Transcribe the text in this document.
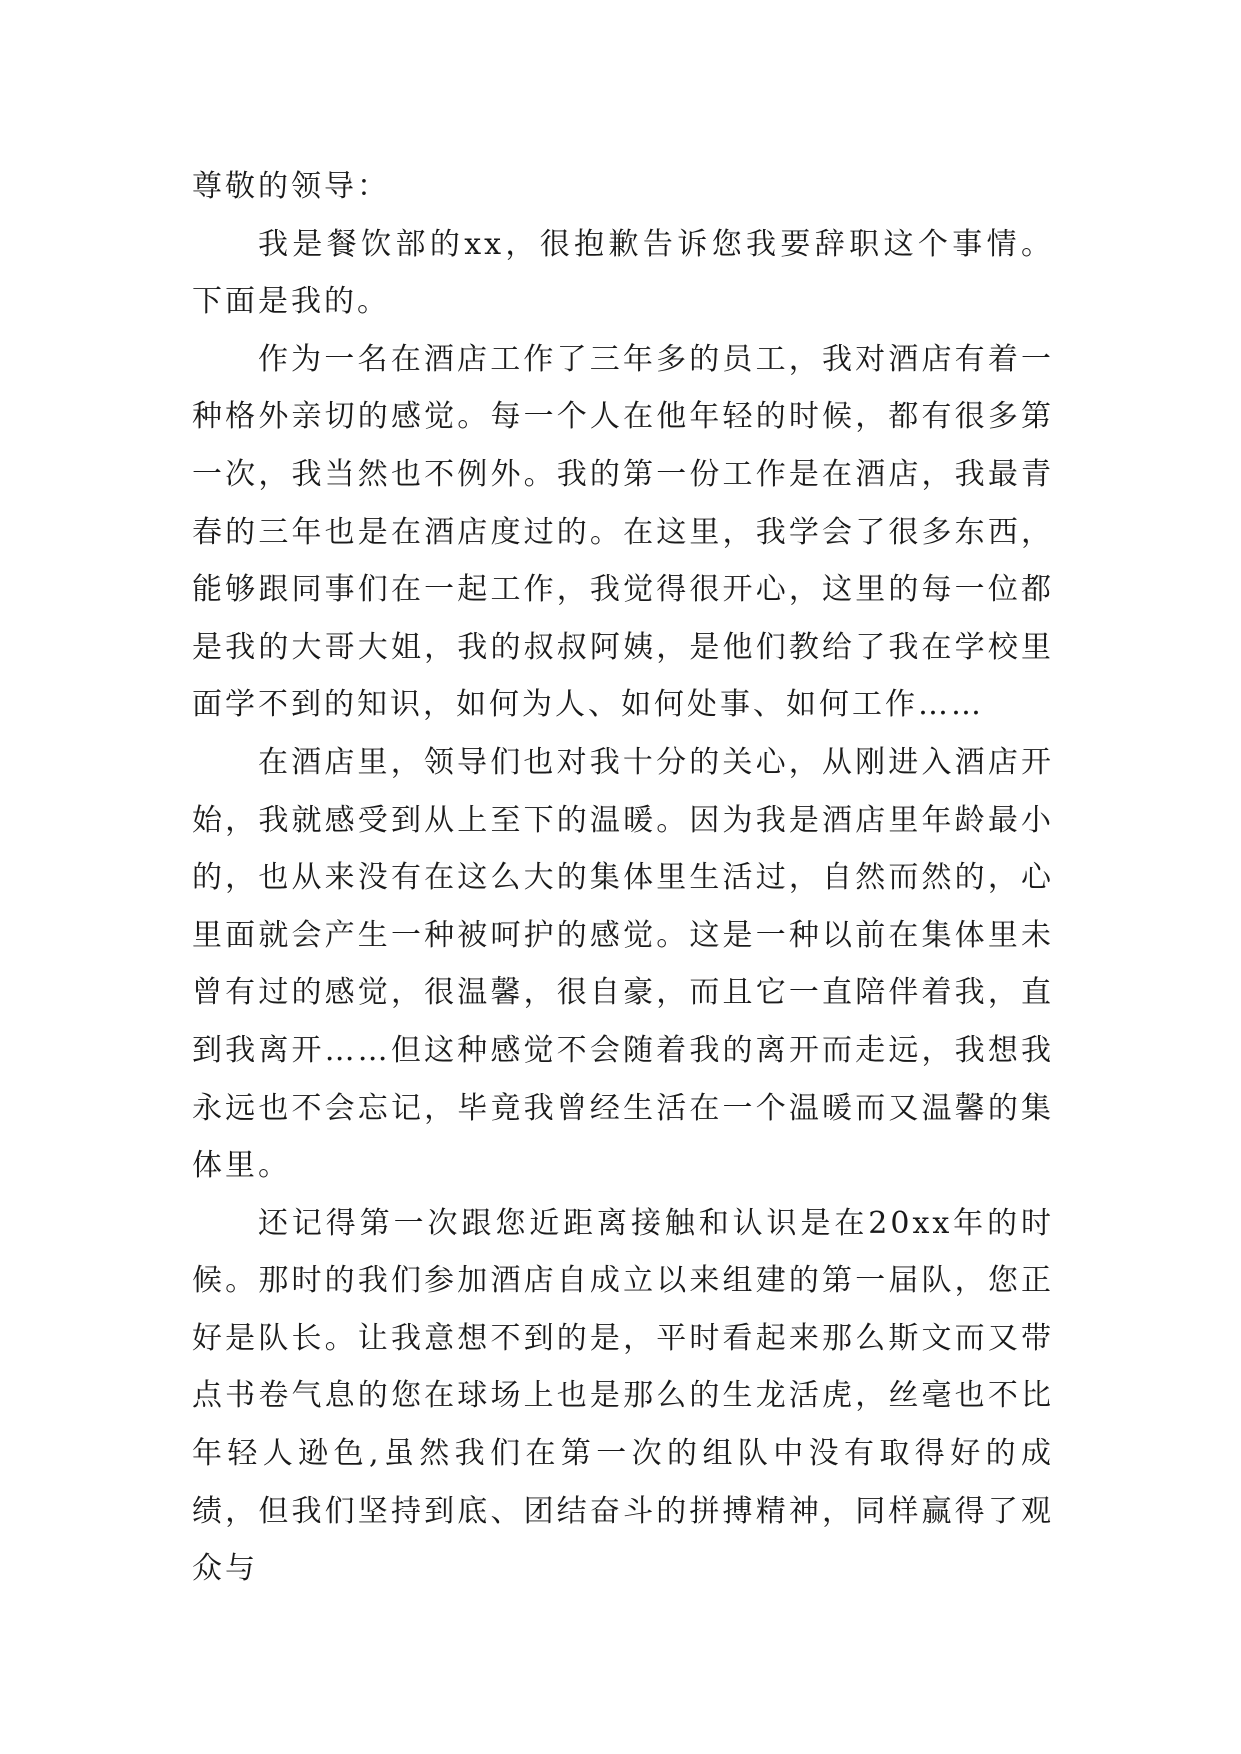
尊敬的领导：

我是餐饮部的xx，很抱歉告诉您我要辞职这个事情。下面是我的。

作为一名在酒店工作了三年多的员工，我对酒店有着一种格外亲切的感觉。每一个人在他年轻的时候，都有很多第一次，我当然也不例外。我的第一份工作是在酒店，我最青春的三年也是在酒店度过的。在这里，我学会了很多东西，能够跟同事们在一起工作，我觉得很开心，这里的每一位都是我的大哥大姐，我的叔叔阿姨，是他们教给了我在学校里面学不到的知识，如何为人、如何处事、如何工作……

在酒店里，领导们也对我十分的关心，从刚进入酒店开始，我就感受到从上至下的温暖。因为我是酒店里年龄最小的，也从来没有在这么大的集体里生活过，自然而然的，心里面就会产生一种被呵护的感觉。这是一种以前在集体里未曾有过的感觉，很温馨，很自豪，而且它一直陪伴着我，直到我离开……但这种感觉不会随着我的离开而走远，我想我永远也不会忘记，毕竟我曾经生活在一个温暖而又温馨的集体里。

还记得第一次跟您近距离接触和认识是在20xx年的时候。那时的我们参加酒店自成立以来组建的第一届队，您正好是队长。让我意想不到的是，平时看起来那么斯文而又带点书卷气息的您在球场上也是那么的生龙活虎，丝毫也不比年轻人逊色,虽然我们在第一次的组队中没有取得好的成绩，但我们坚持到底、团结奋斗的拼搏精神，同样赢得了观众与
